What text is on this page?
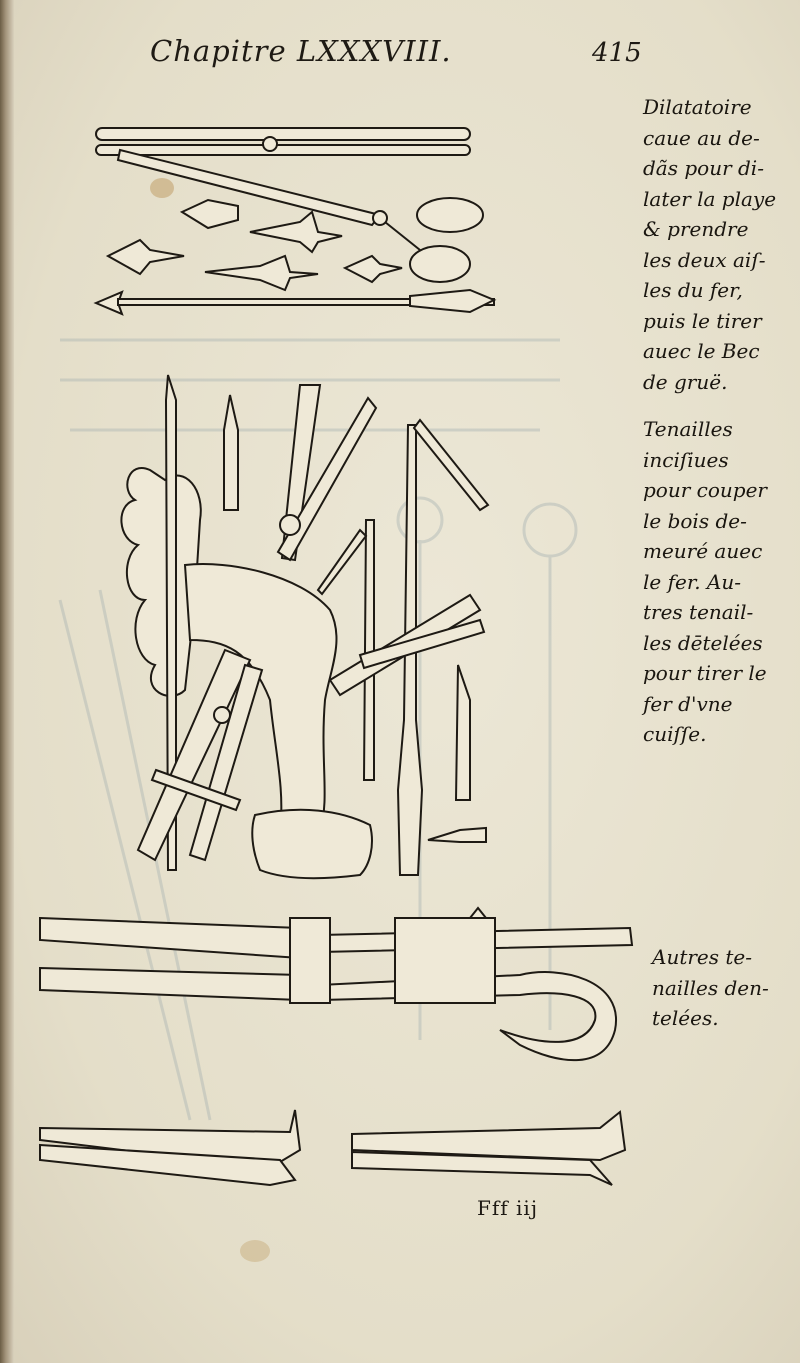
Chapitre LXXXVIII.	415
Dilatatoire
caue au de-
dãs pour di-
later la playe
& prendre
les deux aiſ-
les du fer,
puis le tirer
auec le Bec
de gruë.
Tenailles
inciſiues
pour couper
le bois de-
meuré auec
le fer. Au-
tres tenail-
les dētelées
pour tirer le
fer d'vne
cuiſſe.
Autres te-
nailles den-
telées.
Fff iij
